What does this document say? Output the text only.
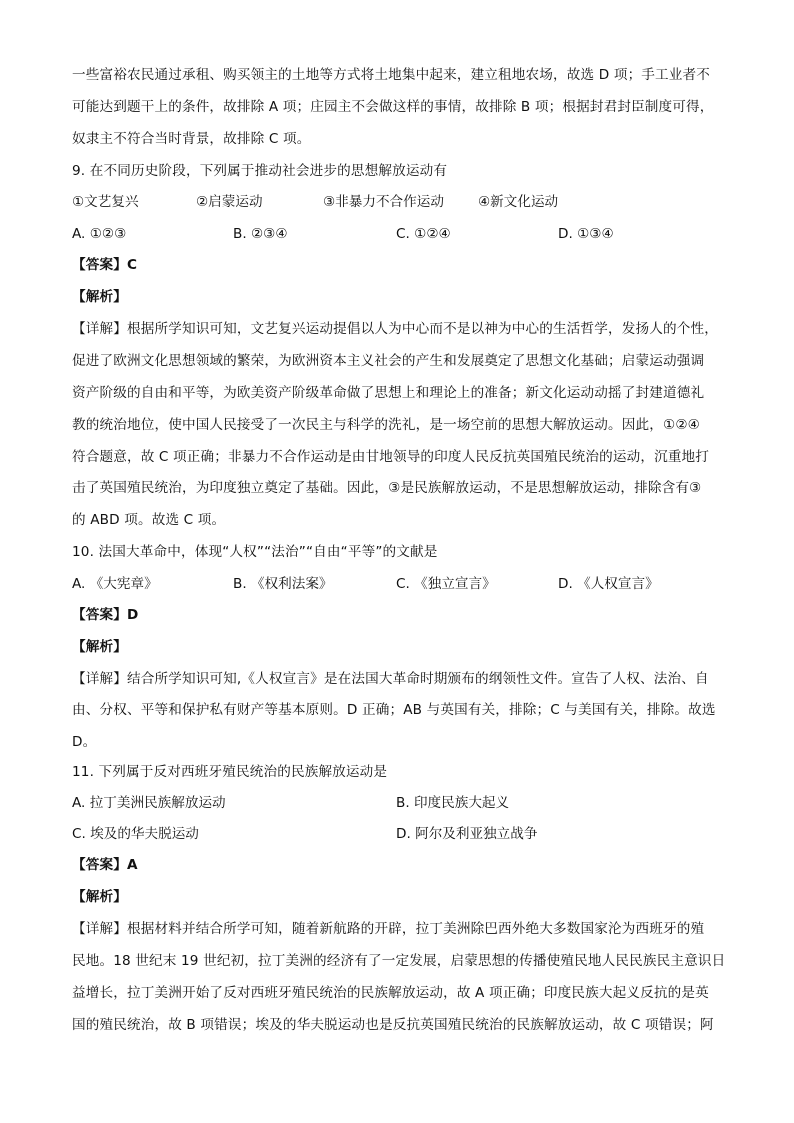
一些富裕农民通过承租、购买领主的土地等方式将土地集中起来，建立租地农场，故选 D 项；手工业者不
可能达到题干上的条件，故排除 A 项；庄园主不会做这样的事情，故排除 B 项；根据封君封臣制度可得，
奴隶主不符合当时背景，故排除 C 项。
9. 在不同历史阶段，下列属于推动社会进步的思想解放运动有
①文艺复兴	②启蒙运动	③非暴力不合作运动	④新文化运动
A. ①②③	B. ②③④	C. ①②④	D. ①③④
【答案】C
【解析】
【详解】根据所学知识可知，文艺复兴运动提倡以人为中心而不是以神为中心的生活哲学，发扬人的个性，
促进了欧洲文化思想领域的繁荣，为欧洲资本主义社会的产生和发展奠定了思想文化基础；启蒙运动强调
资产阶级的自由和平等，为欧美资产阶级革命做了思想上和理论上的准备；新文化运动动摇了封建道德礼
教的统治地位，使中国人民接受了一次民主与科学的洗礼，是一场空前的思想大解放运动。因此，①②④
符合题意，故 C 项正确；非暴力不合作运动是由甘地领导的印度人民反抗英国殖民统治的运动，沉重地打
击了英国殖民统治，为印度独立奠定了基础。因此，③是民族解放运动，不是思想解放运动，排除含有③
的 ABD 项。故选 C 项。
10. 法国大革命中，体现“人权”“法治”“自由“平等”的文献是
A. 《大宪章》	B. 《权利法案》	C. 《独立宣言》	D. 《人权宣言》
【答案】D
【解析】
【详解】结合所学知识可知,《人权宣言》是在法国大革命时期颁布的纲领性文件。宣告了人权、法治、自
由、分权、平等和保护私有财产等基本原则。D 正确；AB 与英国有关，排除；C 与美国有关，排除。故选
D。
11. 下列属于反对西班牙殖民统治的民族解放运动是
A. 拉丁美洲民族解放运动	B. 印度民族大起义
C. 埃及的华夫脱运动	D. 阿尔及利亚独立战争
【答案】A
【解析】
【详解】根据材料并结合所学可知，随着新航路的开辟，拉丁美洲除巴西外绝大多数国家沦为西班牙的殖
民地。18 世纪末 19 世纪初，拉丁美洲的经济有了一定发展，启蒙思想的传播使殖民地人民民族民主意识日
益增长，拉丁美洲开始了反对西班牙殖民统治的民族解放运动，故 A 项正确；印度民族大起义反抗的是英
国的殖民统治，故 B 项错误；埃及的华夫脱运动也是反抗英国殖民统治的民族解放运动，故 C 项错误；阿
